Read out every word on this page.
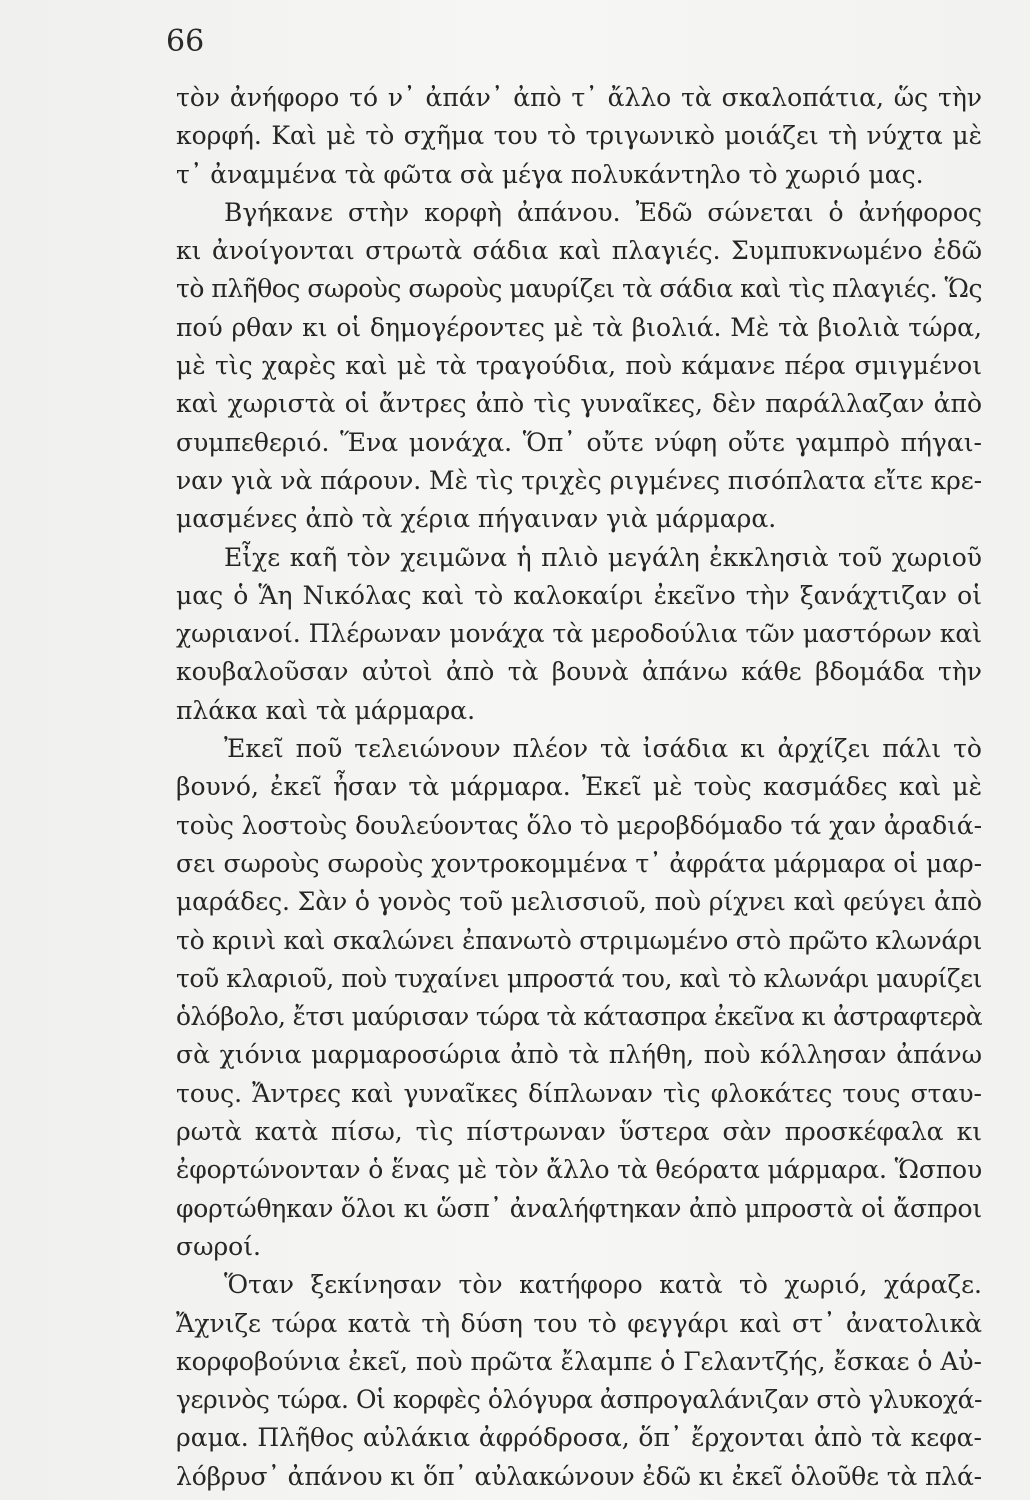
66
τὸν ἀνήφορο τό ν᾿ ἀπάν᾿ ἀπὸ τ᾿ ἄλλο τὰ σκαλοπάτια, ὥς τὴν
κορφή. Καὶ μὲ τὸ σχῆμα του τὸ τριγωνικὸ μοιάζει τὴ νύχτα μὲ
τ᾿ ἀναμμένα τὰ φῶτα σὰ μέγα πολυκάντηλο τὸ χωριό μας.
Βγήκανε στὴν κορφὴ ἀπάνου. Ἐδῶ σώνεται ὁ ἀνήφορος
κι ἀνοίγονται στρωτὰ σάδια καὶ πλαγιές. Συμπυκνωμένο ἐδῶ
τὸ πλῆθος σωροὺς σωροὺς μαυρίζει τὰ σάδια καὶ τὶς πλαγιές. Ὥς
πού ρθαν κι οἱ δημογέροντες μὲ τὰ βιολιά. Μὲ τὰ βιολιὰ τώρα,
μὲ τὶς χαρὲς καὶ μὲ τὰ τραγούδια, ποὺ κάμανε πέρα σμιγμένοι
καὶ χωριστὰ οἱ ἄντρες ἀπὸ τὶς γυναῖκες, δὲν παράλλαζαν ἀπὸ
συμπεθεριό. Ἕνα μονάχα. Ὅπ᾿ οὔτε νύφη οὔτε γαμπρὸ πήγαι-
ναν γιὰ νὰ πάρουν. Μὲ τὶς τριχὲς ριγμένες πισόπλατα εἴτε κρε-
μασμένες ἀπὸ τὰ χέρια πήγαιναν γιὰ μάρμαρα.
Εἶχε καῆ τὸν χειμῶνα ἡ πλιὸ μεγάλη ἐκκλησιὰ τοῦ χωριοῦ
μας ὁ Ἅη Νικόλας καὶ τὸ καλοκαίρι ἐκεῖνο τὴν ξανάχτιζαν οἱ
χωριανοί. Πλέρωναν μονάχα τὰ μεροδούλια τῶν μαστόρων καὶ
κουβαλοῦσαν αὐτοὶ ἀπὸ τὰ βουνὰ ἀπάνω κάθε βδομάδα τὴν
πλάκα καὶ τὰ μάρμαρα.
Ἐκεῖ ποῦ τελειώνουν πλέον τὰ ἰσάδια κι ἀρχίζει πάλι τὸ
βουνό, ἐκεῖ ἦσαν τὰ μάρμαρα. Ἐκεῖ μὲ τοὺς κασμάδες καὶ μὲ
τοὺς λοστοὺς δουλεύοντας ὅλο τὸ μεροβδόμαδο τά χαν ἀραδιά-
σει σωροὺς σωροὺς χοντροκομμένα τ᾿ ἀφράτα μάρμαρα οἱ μαρ-
μαράδες. Σὰν ὁ γονὸς τοῦ μελισσιοῦ, ποὺ ρίχνει καὶ φεύγει ἀπὸ
τὸ κρινὶ καὶ σκαλώνει ἐπανωτὸ στριμωμένο στὸ πρῶτο κλωνάρι
τοῦ κλαριοῦ, ποὺ τυχαίνει μπροστά του, καὶ τὸ κλωνάρι μαυρίζει
ὁλόβολο, ἔτσι μαύρισαν τώρα τὰ κάτασπρα ἐκεῖνα κι ἀστραφτερὰ
σὰ χιόνια μαρμαροσώρια ἀπὸ τὰ πλήθη, ποὺ κόλλησαν ἀπάνω
τους. Ἄντρες καὶ γυναῖκες δίπλωναν τὶς φλοκάτες τους σταυ-
ρωτὰ κατὰ πίσω, τὶς πίστρωναν ὕστερα σὰν προσκέφαλα κι
ἐφορτώνονταν ὁ ἕνας μὲ τὸν ἄλλο τὰ θεόρατα μάρμαρα. Ὥσπου
φορτώθηκαν ὅλοι κι ὥσπ᾿ ἀναλήφτηκαν ἀπὸ μπροστὰ οἱ ἄσπροι
σωροί.
Ὅταν ξεκίνησαν τὸν κατήφορο κατὰ τὸ χωριό, χάραζε.
Ἄχνιζε τώρα κατὰ τὴ δύση του τὸ φεγγάρι καὶ στ᾿ ἀνατολικὰ
κορφοβούνια ἐκεῖ, ποὺ πρῶτα ἔλαμπε ὁ Γελαντζής, ἔσκαε ὁ Αὐ-
γερινὸς τώρα. Οἱ κορφὲς ὁλόγυρα ἀσπρογαλάνιζαν στὸ γλυκοχά-
ραμα. Πλῆθος αὐλάκια ἀφρόδροσα, ὅπ᾿ ἔρχονται ἀπὸ τὰ κεφα-
λόβρυσ᾿ ἀπάνου κι ὅπ᾿ αὐλακώνουν ἐδῶ κι ἐκεῖ ὁλοῦθε τὰ πλά-
